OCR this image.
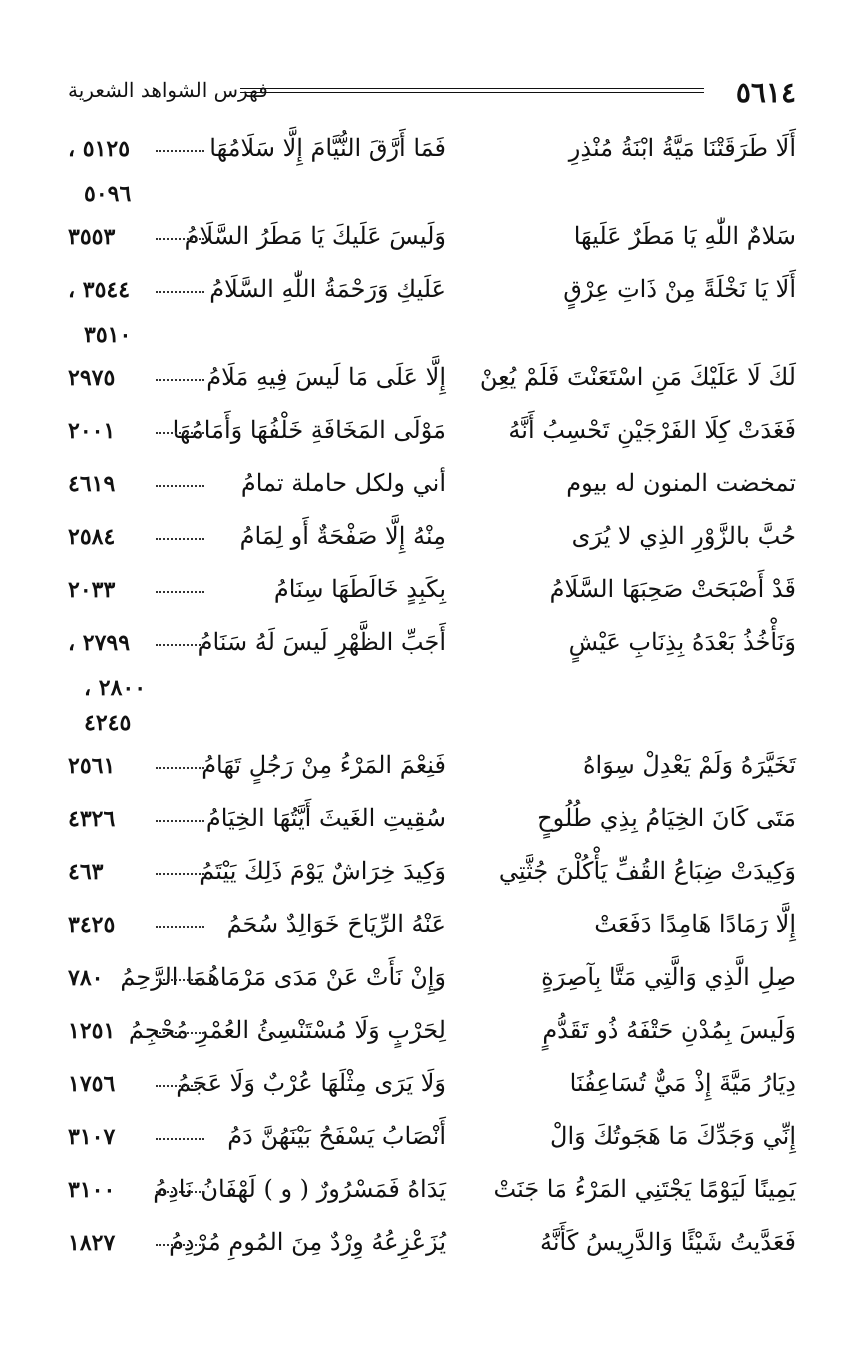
٥٦١٤
فهرس الشواهد الشعرية
أَلَا طَرَقَتْنَا مَيَّةُ ابْنَةُ مُنْذِرِ
فَمَا أَرَّقَ النُّيَّامَ إِلَّا سَلَامُهَا
٥١٢٥ ،
٥٠٩٦
سَلامٌ اللّٰهِ يَا مَطَرٌ عَلَيهَا
وَلَيسَ عَلَيكَ يَا مَطَرُ السَّلَامُ
٣٥٥٣
أَلَا يَا نَخْلَةً مِنْ ذَاتِ عِرْقٍ
عَلَيكِ وَرَحْمَةُ اللّٰهِ السَّلَامُ
٣٥٤٤ ،
٣٥١٠
لَكَ لَا عَلَيْكَ مَنِ اسْتَعَنْتَ فَلَمْ يُعِنْ
إِلَّا عَلَى مَا لَيسَ فِيهِ مَلَامُ
٢٩٧٥
فَغَدَتْ كِلَا الفَرْجَيْنِ تَحْسِبُ أَنَّهُ
مَوْلَى المَخَافَةِ خَلْفُهَا وَأَمَامُهَا
٢٠٠١
تمخضت المنون له بيوم
أني ولكل حاملة تمامُ
٤٦١٩
حُبَّ بالزَّوْرِ الذِي لا يُرَى
مِنْهُ إِلَّا صَفْحَةٌ أَو لِمَامُ
٢٥٨٤
قَدْ أَصْبَحَتْ صَحِبَهَا السَّلَامُ
بِكَبِدٍ خَالَطَهَا سِنَامُ
٢٠٣٣
وَنَأْخُذُ بَعْدَهُ بِذِنَابِ عَيْشٍ
أَجَبِّ الظَّهْرِ لَيسَ لَهُ سَنَامُ
٢٧٩٩ ،
٢٨٠٠ ،
٤٢٤٥
تَخَيَّرَهُ وَلَمْ يَعْدِلْ سِوَاهُ
فَنِعْمَ المَرْءُ مِنْ رَجُلٍ تَهَامُ
٢٥٦١
مَتَى كَانَ الخِيَامُ بِذِي طُلُوحٍ
سُقِيتِ الغَيثَ أَيَّتُهَا الخِيَامُ
٤٣٢٦
وَكِيدَتْ ضِبَاعُ القُفِّ يَأْكُلْنَ جُثَّتِي
وَكِيدَ خِرَاشٌ يَوْمَ ذَلِكَ يَيْتَمُ
٤٦٣
إِلَّا رَمَادًا هَامِدًا دَفَعَتْ
عَنْهُ الرِّيَاحَ خَوَالِدٌ سُحَمُ
٣٤٢٥
صِلِ الَّذِي وَالَّتِي مَتَّا بِآصِرَةٍ
وَإِنْ نَأَتْ عَنْ مَدَى مَرْمَاهُمَا الرَّحِمُ
٧٨٠
وَلَيسَ بِمُدْنِ حَتْفَهُ ذُو تَقَدُّمٍ
لِحَرْبٍ وَلَا مُسْتَنْسِئُ العُمْرِ مُحْجِمُ
١٢٥١
دِيَارُ مَيَّةَ إِذْ مَيٌّ تُسَاعِفُنَا
وَلَا يَرَى مِثْلَهَا عُرْبٌ وَلَا عَجَمُ
١٧٥٦
إِنِّي وَجَدِّكَ مَا هَجَوتُكَ وَالْ
أَنْصَابُ يَسْفَحُ بَيْنَهُنَّ دَمُ
٣١٠٧
يَمِينًا لَيَوْمًا يَجْتَنِي المَرْءُ مَا جَنَتْ
يَدَاهُ فَمَسْرُورٌ ( و ) لَهْفَانُ نَادِمُ
٣١٠٠
فَعَدَّيتُ شَيْئًا وَالدَّرِيسُ كَأَنَّهُ
يُزَعْزِعُهُ وِرْدٌ مِنَ المُومِ مُرْدِمُ
١٨٢٧
